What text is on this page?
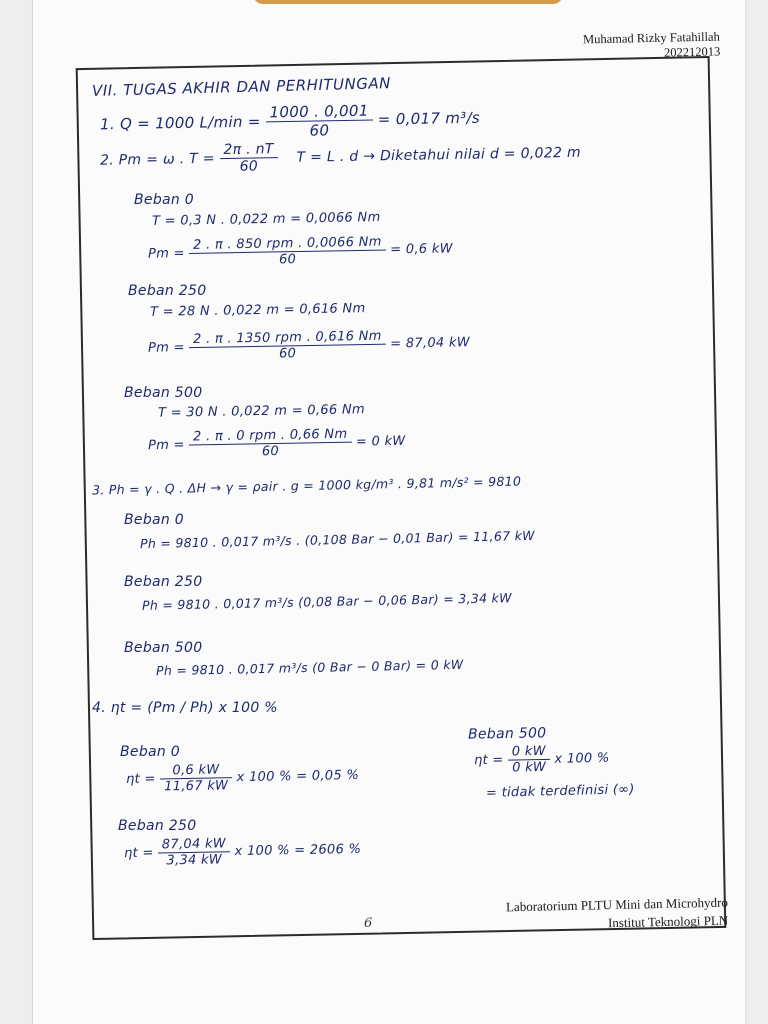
Muhamad Rizky Fatahillah
202212013
VII. TUGAS AKHIR DAN PERHITUNGAN
1. Q = 1000 $L/\min = \frac{1000 . 0,001}{60} = 0,017$ m³/s
2. Pm = ω . $T = \frac{2\pi . nT}{60}$ T = L . d → Diketahui nilai d = 0,022 m
Beban 0
T = 0,3 N . 0,022 m = 0,0066 Nm
$Pm = \frac{\text{2 . π . 850 rpm . 0,0066 Nm}}{60} = 0,6$ kW
Beban 250
T = 28 N . 0,022 m = 0,616 Nm
$Pm = \frac{\text{2 . π . 1350 rpm . 0,616 Nm}}{60} = 87,04$ kW
Beban 500
T = 30 N . 0,022 m = 0,66 Nm
$Pm = \frac{\text{2 . π . 0 rpm . 0,66 Nm}}{60} = 0$ kW
3. Ph = γ . Q . ΔH → γ = ρair . g = 1000 kg/m³ . 9,81 m/s² = 9810
Beban 0
Ph = 9810 . 0,017 m³/s . (0,108 Bar − 0,01 Bar) = 11,67 kW
Beban 250
Ph = 9810 . 0,017 m³/s (0,08 Bar − 0,06 Bar) = 3,34 kW
Beban 500
Ph = 9810 . 0,017 m³/s (0 Bar − 0 Bar) = 0 kW
4. ηt = (Pm / Ph) x 100 %
Beban 0
$\eta t = \frac{0,6 kW}{11,67 kW}$ x 100 % = 0,05 %
Beban 250
$\eta t = \frac{87,04 kW}{3,34 kW}$ x 100 % = 2606 %
Beban 500
$\eta t = \frac{0 kW}{0 kW}$ x 100 %
= tidak terdefinisi (∞)
Laboratorium PLTU Mini dan Microhydro
Institut Teknologi PLN
6
